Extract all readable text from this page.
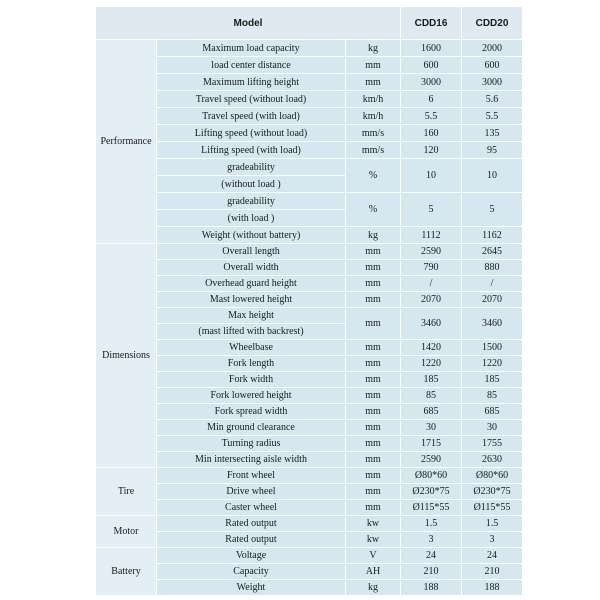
Model			CDD16	CDD20
Performance	Maximum load capacity	kg	1600	2000
	load center distance	mm	600	600
	Maximum lifting height	mm	3000	3000
	Travel speed (without load)	km/h	6	5.6
	Travel speed (with load)	km/h	5.5	5.5
	Lifting speed (without load)	mm/s	160	135
	Lifting speed (with load)	mm/s	120	95
	gradeability	%	10	10
	(without load )			
	gradeability	%	5	5
	(with load )			
	Weight (without battery)	kg	1112	1162
Dimensions	Overall length	mm	2590	2645
	Overall width	mm	790	880
	Overhead guard height	mm	/	/
	Mast lowered height	mm	2070	2070
	Max height	mm	3460	3460
	(mast lifted with backrest)			
	Wheelbase	mm	1420	1500
	Fork length	mm	1220	1220
	Fork width	mm	185	185
	Fork lowered height	mm	85	85
	Fork spread width	mm	685	685
	Min ground clearance	mm	30	30
	Turning radius	mm	1715	1755
	Min intersecting aisle width	mm	2590	2630
Tire	Front wheel	mm	Ø80*60	Ø80*60
	Drive wheel	mm	Ø230*75	Ø230*75
	Caster wheel	mm	Ø115*55	Ø115*55
Motor	Rated output	kw	1.5	1.5
	Rated output	kw	3	3
Battery	Voltage	V	24	24
	Capacity	AH	210	210
	Weight	kg	188	188
